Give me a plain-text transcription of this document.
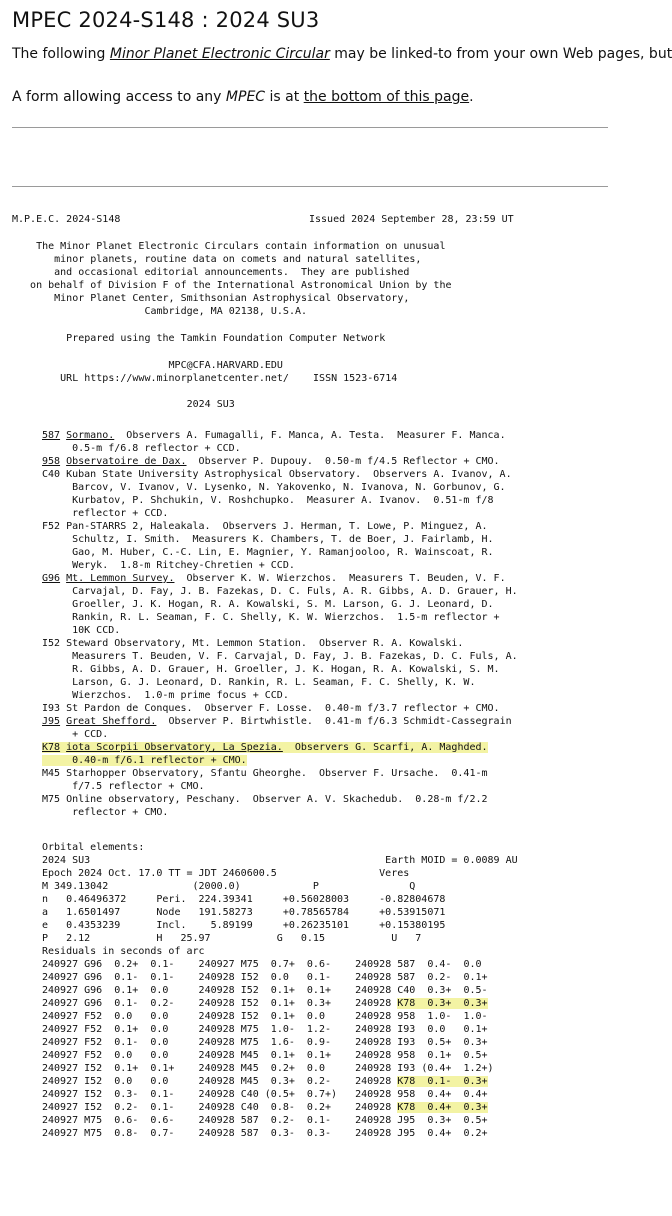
MPEC 2024-S148 : 2024 SU3
The following Minor Planet Electronic Circular may be linked-to from your own Web pages, but
A form allowing access to any MPEC is at the bottom of this page.
M.P.E.C. 2024-S148	Issued 2024 September 28, 23:59 UT
The Minor Planet Electronic Circulars contain information on unusual
minor planets, routine data on comets and natural satellites,
and occasional editorial announcements.  They are published
on behalf of Division F of the International Astronomical Union by the
Minor Planet Center, Smithsonian Astrophysical Observatory,
Cambridge, MA 02138, U.S.A.
Prepared using the Tamkin Foundation Computer Network
MPC@CFA.HARVARD.EDU
URL https://www.minorplanetcenter.net/    ISSN 1523-6714
2024 SU3
587 Sormano.  Observers A. Fumagalli, F. Manca, A. Testa.  Measurer F. Manca.
0.5-m f/6.8 reflector + CCD.
958 Observatoire de Dax.  Observer P. Dupouy.  0.50-m f/4.5 Reflector + CMO.
C40 Kuban State University Astrophysical Observatory.  Observers A. Ivanov, A.
Barcov, V. Ivanov, V. Lysenko, N. Yakovenko, N. Ivanova, N. Gorbunov, G.
Kurbatov, P. Shchukin, V. Roshchupko.  Measurer A. Ivanov.  0.51-m f/8
reflector + CCD.
F52 Pan-STARRS 2, Haleakala.  Observers J. Herman, T. Lowe, P. Minguez, A.
Schultz, I. Smith.  Measurers K. Chambers, T. de Boer, J. Fairlamb, H.
Gao, M. Huber, C.-C. Lin, E. Magnier, Y. Ramanjooloo, R. Wainscoat, R.
Weryk.  1.8-m Ritchey-Chretien + CCD.
G96 Mt. Lemmon Survey.  Observer K. W. Wierzchos.  Measurers T. Beuden, V. F.
Carvajal, D. Fay, J. B. Fazekas, D. C. Fuls, A. R. Gibbs, A. D. Grauer, H.
Groeller, J. K. Hogan, R. A. Kowalski, S. M. Larson, G. J. Leonard, D.
Rankin, R. L. Seaman, F. C. Shelly, K. W. Wierzchos.  1.5-m reflector +
10K CCD.
I52 Steward Observatory, Mt. Lemmon Station.  Observer R. A. Kowalski.
Measurers T. Beuden, V. F. Carvajal, D. Fay, J. B. Fazekas, D. C. Fuls, A.
R. Gibbs, A. D. Grauer, H. Groeller, J. K. Hogan, R. A. Kowalski, S. M.
Larson, G. J. Leonard, D. Rankin, R. L. Seaman, F. C. Shelly, K. W.
Wierzchos.  1.0-m prime focus + CCD.
I93 St Pardon de Conques.  Observer F. Losse.  0.40-m f/3.7 reflector + CMO.
J95 Great Shefford.  Observer P. Birtwhistle.  0.41-m f/6.3 Schmidt-Cassegrain
+ CCD.
K78 iota Scorpii Observatory, La Spezia.  Observers G. Scarfi, A. Maghded.
0.40-m f/6.1 reflector + CMO.
M45 Starhopper Observatory, Sfantu Gheorghe.  Observer F. Ursache.  0.41-m
f/7.5 reflector + CMO.
M75 Online observatory, Peschany.  Observer A. V. Skachedub.  0.28-m f/2.2
reflector + CMO.
Orbital elements:
2024 SU3                                                 Earth MOID = 0.0089 AU
Epoch 2024 Oct. 17.0 TT = JDT 2460600.5                 Veres
M 349.13042              (2000.0)            P               Q
n   0.46496372     Peri.  224.39341     +0.56028003     -0.82804678
a   1.6501497      Node   191.58273     +0.78565784     +0.53915071
e   0.4353239      Incl.    5.89199     +0.26235101     +0.15380195
P   2.12           H   25.97           G   0.15           U   7
Residuals in seconds of arc
240927 G96  0.2+  0.1-    240927 M75  0.7+  0.6-    240928 587  0.4-  0.0
240927 G96  0.1-  0.1-    240928 I52  0.0   0.1-    240928 587  0.2-  0.1+
240927 G96  0.1+  0.0     240928 I52  0.1+  0.1+    240928 C40  0.3+  0.5-
240927 G96  0.1-  0.2-    240928 I52  0.1+  0.3+    240928 K78  0.3+  0.3+
240927 F52  0.0   0.0     240928 I52  0.1+  0.0     240928 958  1.0-  1.0-
240927 F52  0.1+  0.0     240928 M75  1.0-  1.2-    240928 I93  0.0   0.1+
240927 F52  0.1-  0.0     240928 M75  1.6-  0.9-    240928 I93  0.5+  0.3+
240927 F52  0.0   0.0     240928 M45  0.1+  0.1+    240928 958  0.1+  0.5+
240927 I52  0.1+  0.1+    240928 M45  0.2+  0.0     240928 I93 (0.4+  1.2+)
240927 I52  0.0   0.0     240928 M45  0.3+  0.2-    240928 K78  0.1-  0.3+
240927 I52  0.3-  0.1-    240928 C40 (0.5+  0.7+)   240928 958  0.4+  0.4+
240927 I52  0.2-  0.1-    240928 C40  0.8-  0.2+    240928 K78  0.4+  0.3+
240927 M75  0.6-  0.6-    240928 587  0.2-  0.1-    240928 J95  0.3+  0.5+
240927 M75  0.8-  0.7-    240928 587  0.3-  0.3-    240928 J95  0.4+  0.2+
